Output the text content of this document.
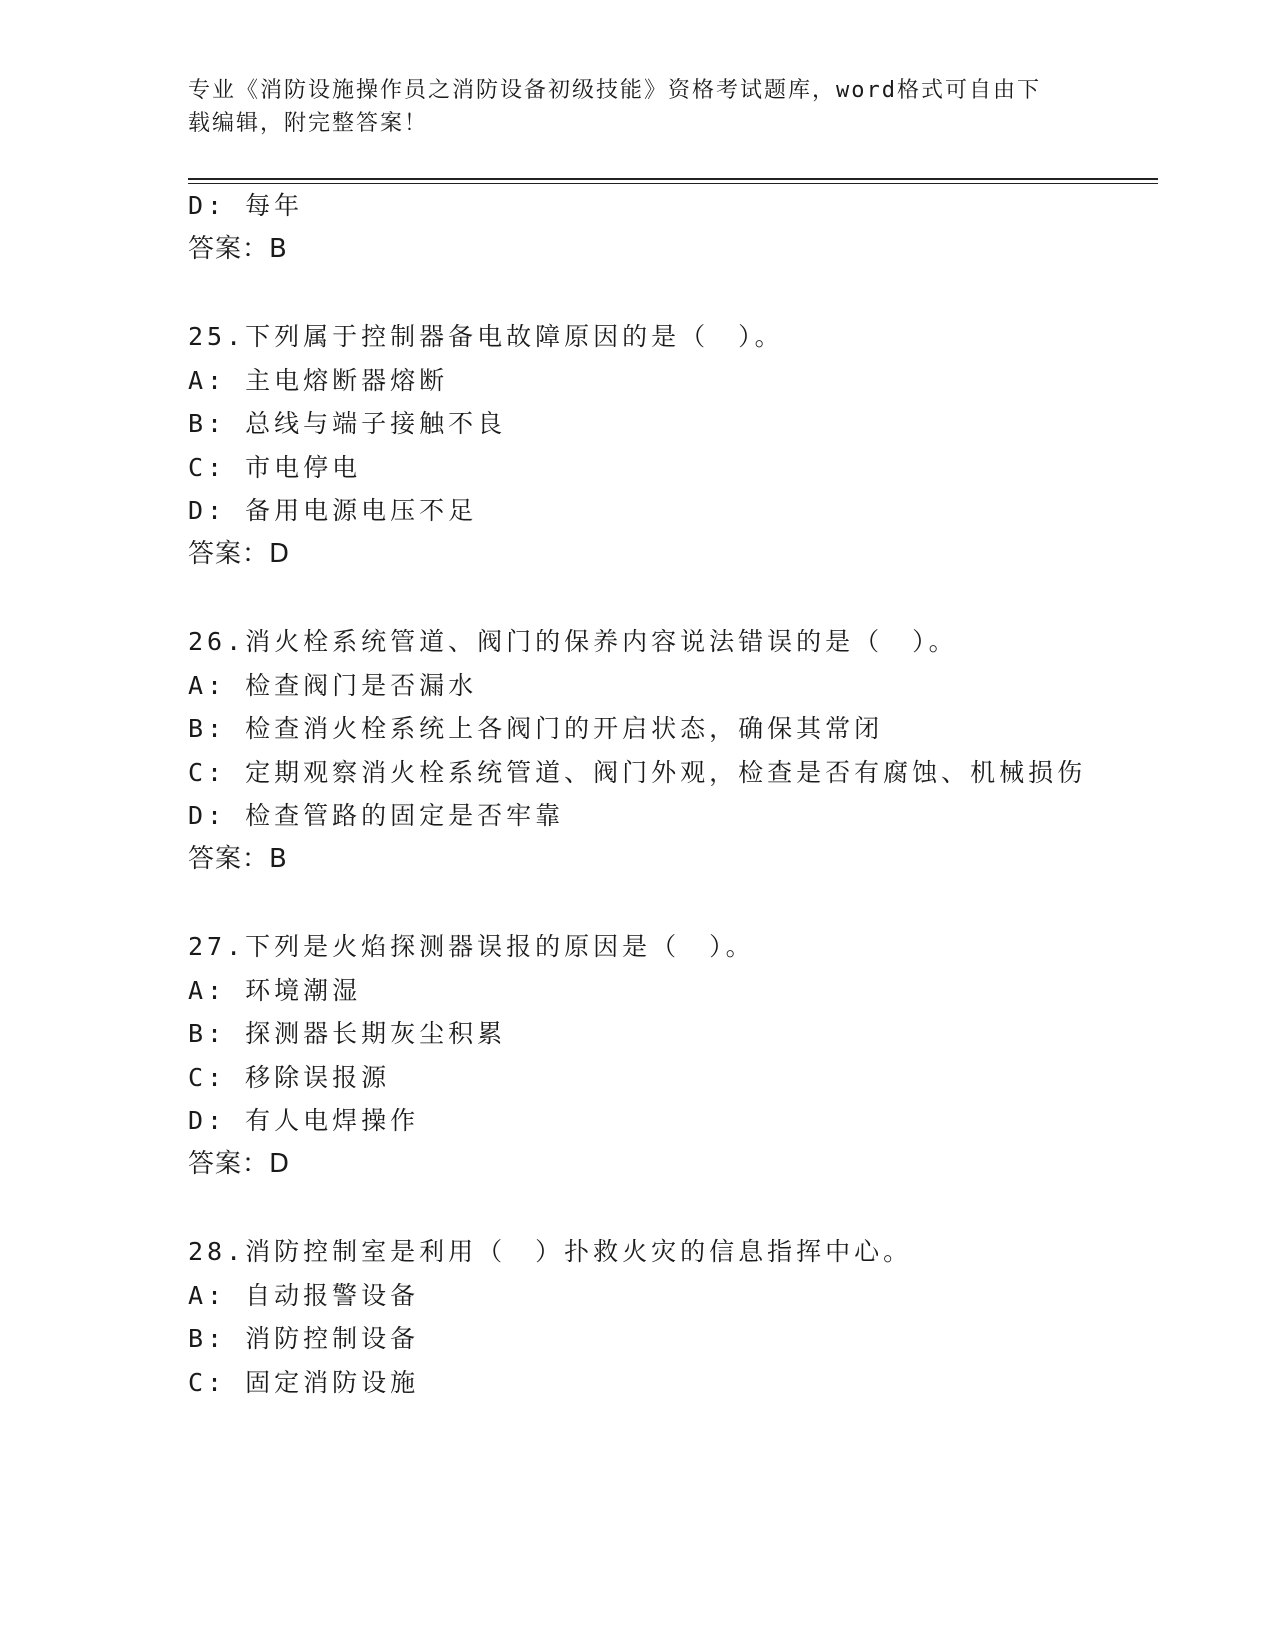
专业《消防设施操作员之消防设备初级技能》资格考试题库，word格式可自由下
载编辑，附完整答案！
D: 每年
答案：B
25.下列属于控制器备电故障原因的是（　）。
A: 主电熔断器熔断
B: 总线与端子接触不良
C: 市电停电
D: 备用电源电压不足
答案：D
26.消火栓系统管道、阀门的保养内容说法错误的是（　）。
A: 检查阀门是否漏水
B: 检查消火栓系统上各阀门的开启状态，确保其常闭
C: 定期观察消火栓系统管道、阀门外观，检查是否有腐蚀、机械损伤
D: 检查管路的固定是否牢靠
答案：B
27.下列是火焰探测器误报的原因是（　）。
A: 环境潮湿
B: 探测器长期灰尘积累
C: 移除误报源
D: 有人电焊操作
答案：D
28.消防控制室是利用（　）扑救火灾的信息指挥中心。
A: 自动报警设备
B: 消防控制设备
C: 固定消防设施
